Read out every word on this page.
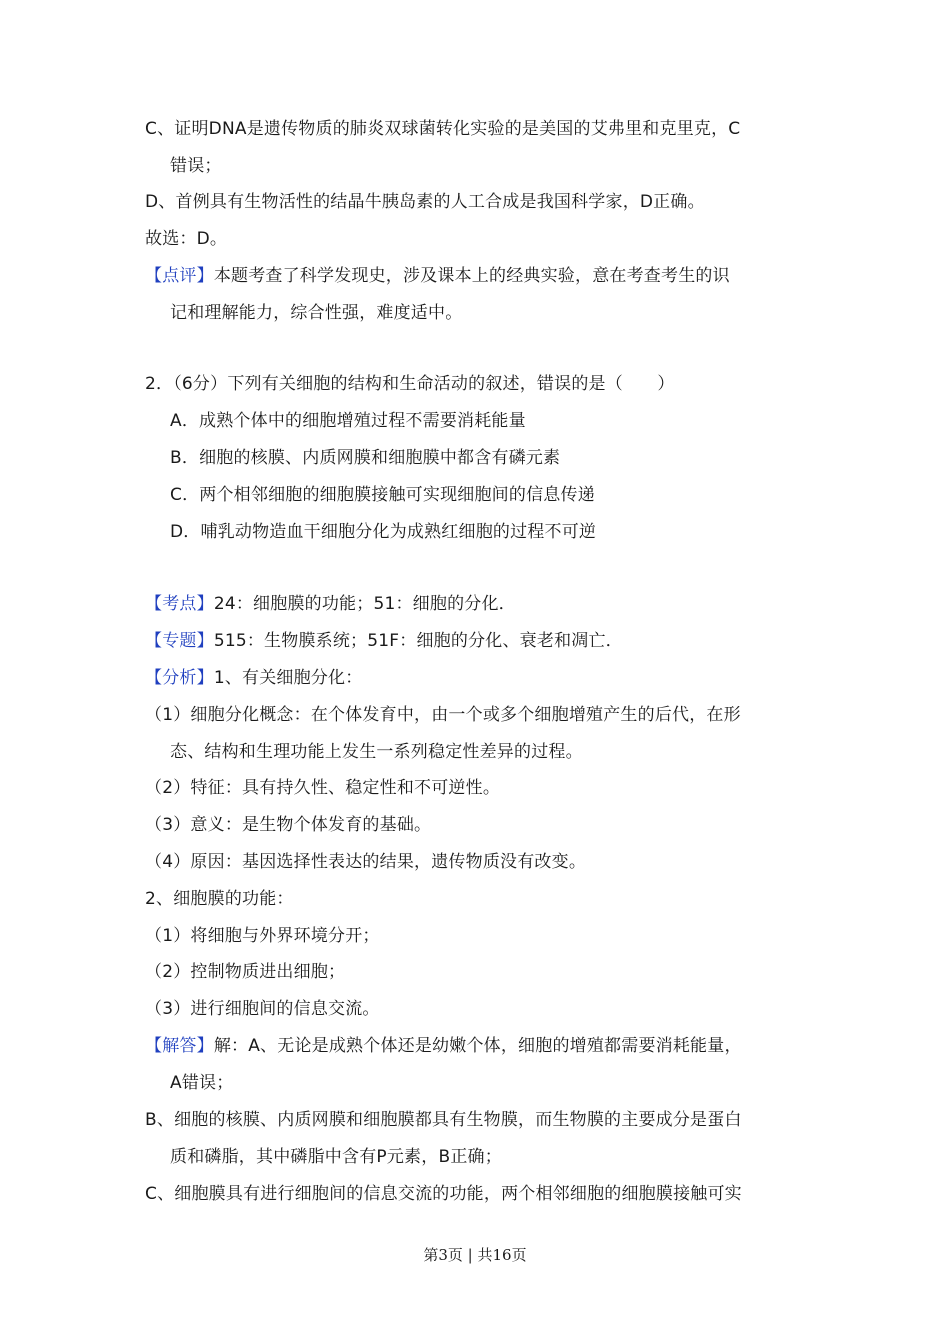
C、证明DNA是遗传物质的肺炎双球菌转化实验的是美国的艾弗里和克里克，C
错误；
D、首例具有生物活性的结晶牛胰岛素的人工合成是我国科学家，D正确。
故选：D。
【点评】本题考查了科学发现史，涉及课本上的经典实验，意在考查考生的识
记和理解能力，综合性强，难度适中。
2．（6分）下列有关细胞的结构和生命活动的叙述，错误的是（　　）
A．成熟个体中的细胞增殖过程不需要消耗能量
B．细胞的核膜、内质网膜和细胞膜中都含有磷元素
C．两个相邻细胞的细胞膜接触可实现细胞间的信息传递
D．哺乳动物造血干细胞分化为成熟红细胞的过程不可逆
【考点】24：细胞膜的功能；51：细胞的分化．
【专题】515：生物膜系统；51F：细胞的分化、衰老和凋亡．
【分析】1、有关细胞分化：
（1）细胞分化概念：在个体发育中，由一个或多个细胞增殖产生的后代，在形
态、结构和生理功能上发生一系列稳定性差异的过程。
（2）特征：具有持久性、稳定性和不可逆性。
（3）意义：是生物个体发育的基础。
（4）原因：基因选择性表达的结果，遗传物质没有改变。
2、细胞膜的功能：
（1）将细胞与外界环境分开；
（2）控制物质进出细胞；
（3）进行细胞间的信息交流。
【解答】解：A、无论是成熟个体还是幼嫩个体，细胞的增殖都需要消耗能量，
A错误；
B、细胞的核膜、内质网膜和细胞膜都具有生物膜，而生物膜的主要成分是蛋白
质和磷脂，其中磷脂中含有P元素，B正确；
C、细胞膜具有进行细胞间的信息交流的功能，两个相邻细胞的细胞膜接触可实
第3页 | 共16页
